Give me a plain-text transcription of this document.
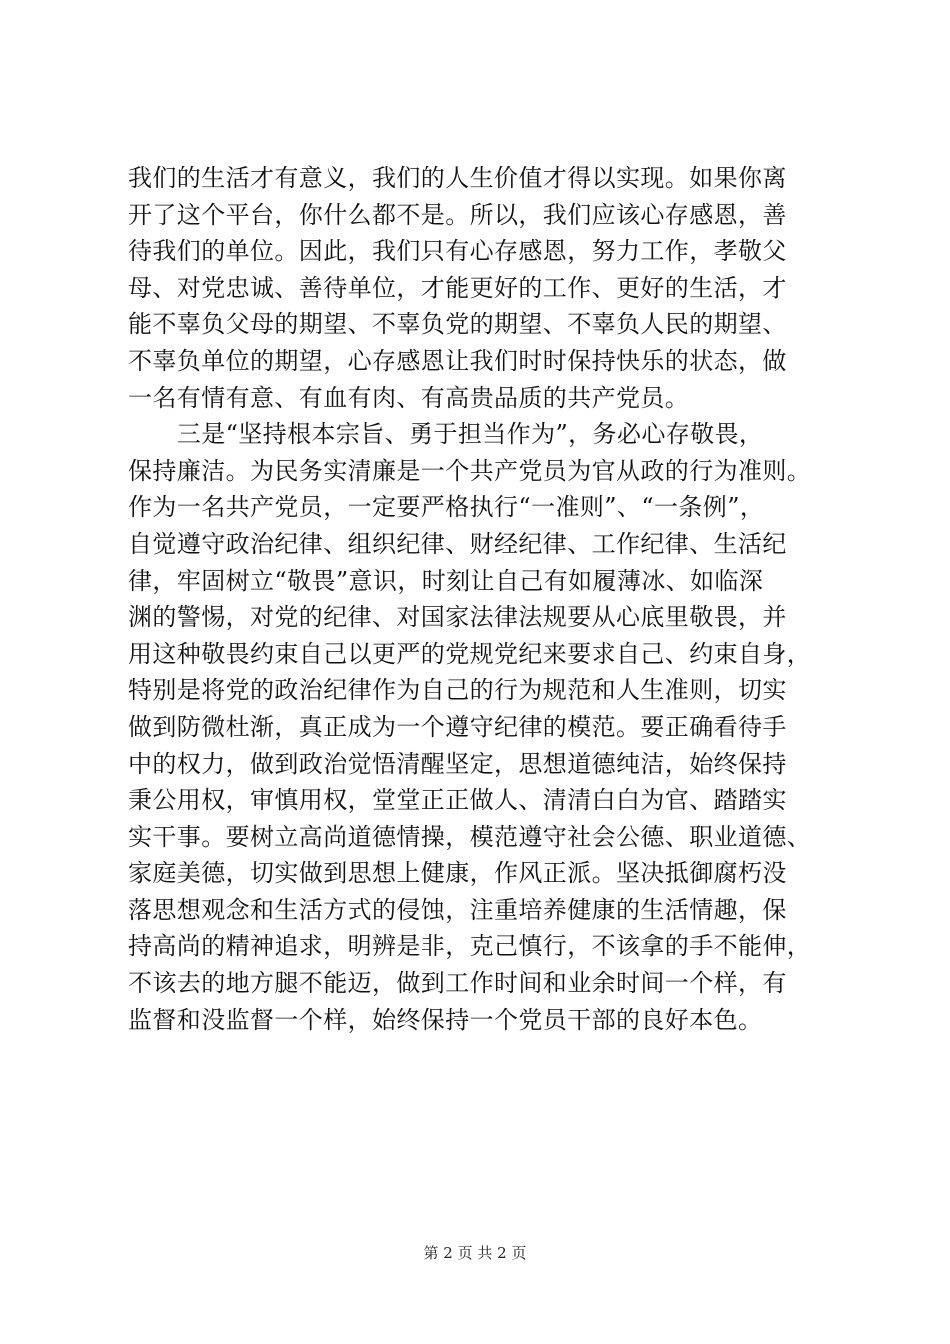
我们的生活才有意义，我们的人生价值才得以实现。如果你离
开了这个平台，你什么都不是。所以，我们应该心存感恩，善
待我们的单位。因此，我们只有心存感恩，努力工作，孝敬父
母、对党忠诚、善待单位，才能更好的工作、更好的生活，才
能不辜负父母的期望、不辜负党的期望、不辜负人民的期望、
不辜负单位的期望，心存感恩让我们时时保持快乐的状态，做
一名有情有意、有血有肉、有高贵品质的共产党员。
　　三是“坚持根本宗旨、勇于担当作为”，务必心存敬畏，
保持廉洁。为民务实清廉是一个共产党员为官从政的行为准则。
作为一名共产党员，一定要严格执行“一准则”、“一条例”，
自觉遵守政治纪律、组织纪律、财经纪律、工作纪律、生活纪
律，牢固树立“敬畏”意识，时刻让自己有如履薄冰、如临深
渊的警惕，对党的纪律、对国家法律法规要从心底里敬畏，并
用这种敬畏约束自己以更严的党规党纪来要求自己、约束自身，
特别是将党的政治纪律作为自己的行为规范和人生准则，切实
做到防微杜渐，真正成为一个遵守纪律的模范。要正确看待手
中的权力，做到政治觉悟清醒坚定，思想道德纯洁，始终保持
秉公用权，审慎用权，堂堂正正做人、清清白白为官、踏踏实
实干事。要树立高尚道德情操，模范遵守社会公德、职业道德、
家庭美德，切实做到思想上健康，作风正派。坚决抵御腐朽没
落思想观念和生活方式的侵蚀，注重培养健康的生活情趣，保
持高尚的精神追求，明辨是非，克己慎行，不该拿的手不能伸，
不该去的地方腿不能迈，做到工作时间和业余时间一个样，有
监督和没监督一个样，始终保持一个党员干部的良好本色。
第 2 页 共 2 页
